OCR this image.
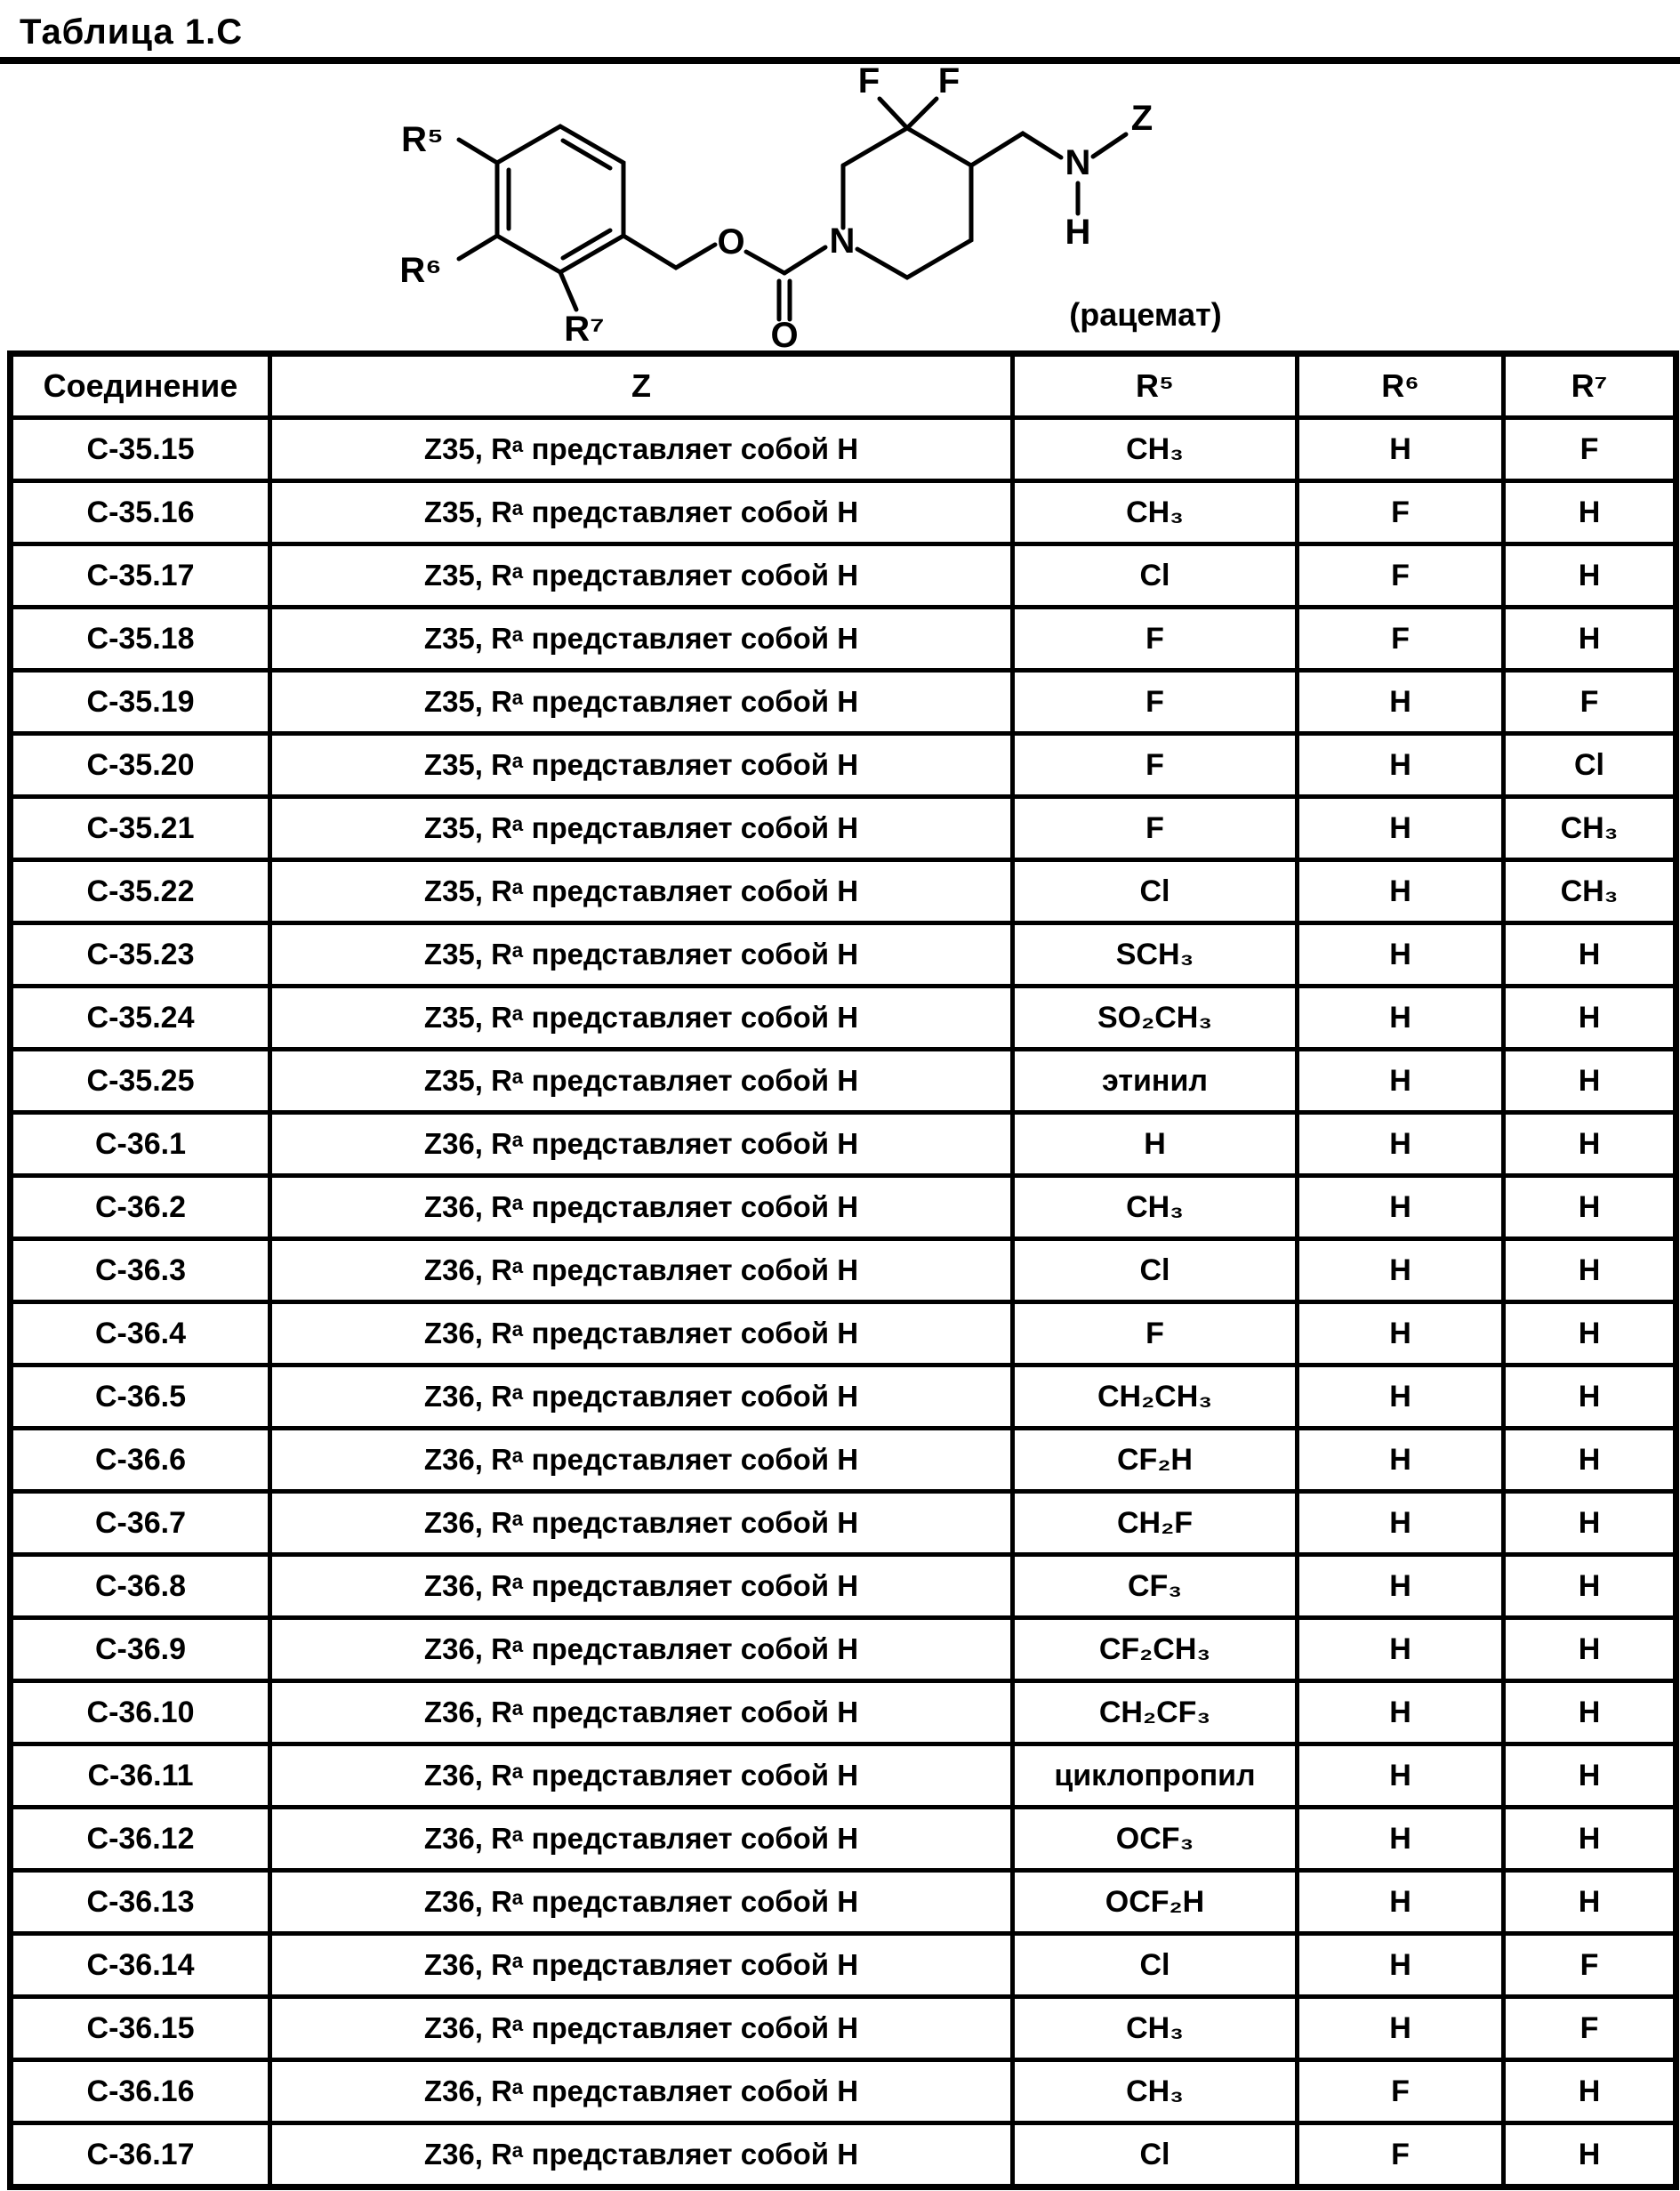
Таблица 1.С
R⁵
R⁶
R⁷
O
O
N
F F
N
Z
H
(рацемат)
Соединение	Z	R⁵	R⁶	R⁷
C-35.15	Z35, Rᵃ представляет собой H	CH₃	H	F
C-35.16	Z35, Rᵃ представляет собой H	CH₃	F	H
C-35.17	Z35, Rᵃ представляет собой H	Cl	F	H
C-35.18	Z35, Rᵃ представляет собой H	F	F	H
C-35.19	Z35, Rᵃ представляет собой H	F	H	F
C-35.20	Z35, Rᵃ представляет собой H	F	H	Cl
C-35.21	Z35, Rᵃ представляет собой H	F	H	CH₃
C-35.22	Z35, Rᵃ представляет собой H	Cl	H	CH₃
C-35.23	Z35, Rᵃ представляет собой H	SCH₃	H	H
C-35.24	Z35, Rᵃ представляет собой H	SO₂CH₃	H	H
C-35.25	Z35, Rᵃ представляет собой H	этинил	H	H
C-36.1	Z36, Rᵃ представляет собой H	H	H	H
C-36.2	Z36, Rᵃ представляет собой H	CH₃	H	H
C-36.3	Z36, Rᵃ представляет собой H	Cl	H	H
C-36.4	Z36, Rᵃ представляет собой H	F	H	H
C-36.5	Z36, Rᵃ представляет собой H	CH₂CH₃	H	H
C-36.6	Z36, Rᵃ представляет собой H	CF₂H	H	H
C-36.7	Z36, Rᵃ представляет собой H	CH₂F	H	H
C-36.8	Z36, Rᵃ представляет собой H	CF₃	H	H
C-36.9	Z36, Rᵃ представляет собой H	CF₂CH₃	H	H
C-36.10	Z36, Rᵃ представляет собой H	CH₂CF₃	H	H
C-36.11	Z36, Rᵃ представляет собой H	циклопропил	H	H
C-36.12	Z36, Rᵃ представляет собой H	OCF₃	H	H
C-36.13	Z36, Rᵃ представляет собой H	OCF₂H	H	H
C-36.14	Z36, Rᵃ представляет собой H	Cl	H	F
C-36.15	Z36, Rᵃ представляет собой H	CH₃	H	F
C-36.16	Z36, Rᵃ представляет собой H	CH₃	F	H
C-36.17	Z36, Rᵃ представляет собой H	Cl	F	H
